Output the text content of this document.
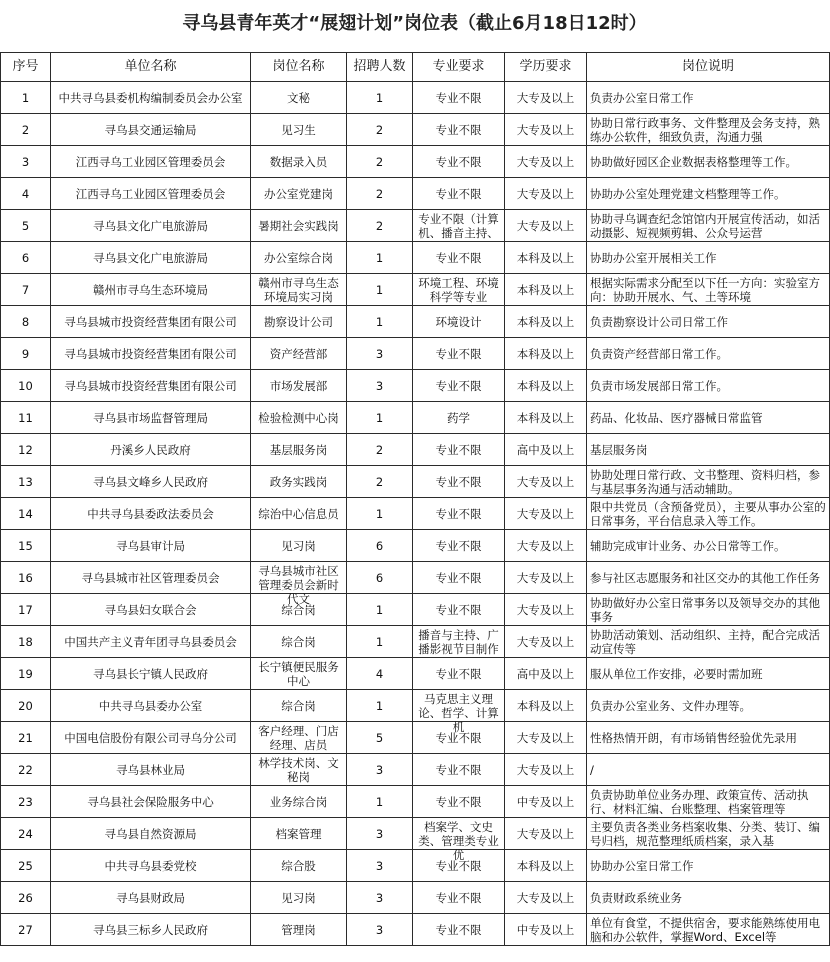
寻乌县青年英才“展翅计划”岗位表（截止6月18日12时）
序号	单位名称	岗位名称	招聘人数	专业要求	学历要求	岗位说明

1	中共寻乌县委机构编制委员会办公室	文秘	1	专业不限	大专及以上	负责办公室日常工作

2	寻乌县交通运输局	见习生	2	专业不限	大专及以上	协助日常行政事务、文件整理及会务支持，熟练办公软件，细致负责，沟通力强

3	江西寻乌工业园区管理委员会	数据录入员	2	专业不限	大专及以上	协助做好园区企业数据表格整理等工作。

4	江西寻乌工业园区管理委员会	办公室党建岗	2	专业不限	大专及以上	协助办公室处理党建文档整理等工作。

5	寻乌县文化广电旅游局	暑期社会实践岗	2	专业不限（计算机、播音主持、	大专及以上	协助寻乌调查纪念馆馆内开展宣传活动，如活动摄影、短视频剪辑、公众号运营

6	寻乌县文化广电旅游局	办公室综合岗	1	专业不限	本科及以上	协助办公室开展相关工作

7	赣州市寻乌生态环境局	赣州市寻乌生态环境局实习岗	1	环境工程、环境科学等专业	本科及以上	根据实际需求分配至以下任一方向：实验室方向：协助开展水、气、土等环境

8	寻乌县城市投资经营集团有限公司	勘察设计公司	1	环境设计	本科及以上	负责勘察设计公司日常工作

9	寻乌县城市投资经营集团有限公司	资产经营部	3	专业不限	本科及以上	负责资产经营部日常工作。

10	寻乌县城市投资经营集团有限公司	市场发展部	3	专业不限	本科及以上	负责市场发展部日常工作。

11	寻乌县市场监督管理局	检验检测中心岗	1	药学	本科及以上	药品、化妆品、医疗器械日常监管

12	丹溪乡人民政府	基层服务岗	2	专业不限	高中及以上	基层服务岗

13	寻乌县文峰乡人民政府	政务实践岗	2	专业不限	大专及以上	协助处理日常行政、文书整理、资料归档，参与基层事务沟通与活动辅助。

14	中共寻乌县委政法委员会	综治中心信息员	1	专业不限	大专及以上	限中共党员（含预备党员），主要从事办公室的日常事务，平台信息录入等工作。

15	寻乌县审计局	见习岗	6	专业不限	大专及以上	辅助完成审计业务、办公日常等工作。

16	寻乌县城市社区管理委员会	寻乌县城市社区管理委员会新时代文	6	专业不限	大专及以上	参与社区志愿服务和社区交办的其他工作任务

17	寻乌县妇女联合会	综合岗	1	专业不限	大专及以上	协助做好办公室日常事务以及领导交办的其他事务

18	中国共产主义青年团寻乌县委员会	综合岗	1	播音与主持、广播影视节目制作	大专及以上	协助活动策划、活动组织、主持，配合完成活动宣传等

19	寻乌县长宁镇人民政府	长宁镇便民服务中心	4	专业不限	高中及以上	服从单位工作安排，必要时需加班

20	中共寻乌县委办公室	综合岗	1	马克思主义理论、哲学、计算机	本科及以上	负责办公室业务、文件办理等。

21	中国电信股份有限公司寻乌分公司	客户经理、门店经理、店员	5	专业不限	大专及以上	性格热情开朗，有市场销售经验优先录用

22	寻乌县林业局	林学技术岗、文秘岗	3	专业不限	大专及以上	/

23	寻乌县社会保险服务中心	业务综合岗	1	专业不限	中专及以上	负责协助单位业务办理、政策宣传、活动执行、材料汇编、台账整理、档案管理等

24	寻乌县自然资源局	档案管理	3	档案学、文史类、管理类专业优	大专及以上	主要负责各类业务档案收集、分类、装订、编号归档，规范整理纸质档案，录入基

25	中共寻乌县委党校	综合股	3	专业不限	本科及以上	协助办公室日常工作

26	寻乌县财政局	见习岗	3	专业不限	大专及以上	负责财政系统业务

27	寻乌县三标乡人民政府	管理岗	3	专业不限	中专及以上	单位有食堂，不提供宿舍，要求能熟练使用电脑和办公软件，掌握Word、Excel等
